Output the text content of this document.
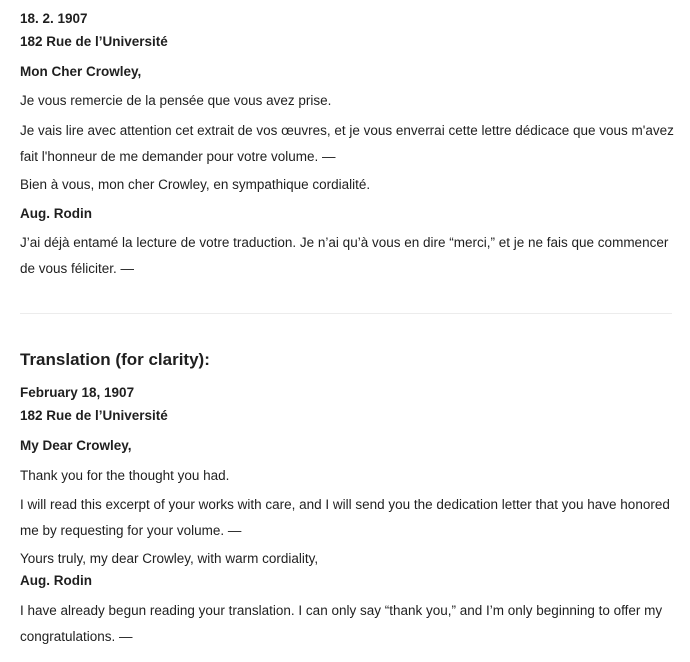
18. 2. 1907
182 Rue de l’Université
Mon Cher Crowley,
Je vous remercie de la pensée que vous avez prise.
Je vais lire avec attention cet extrait de vos œuvres, et je vous enverrai cette lettre dédicace que vous m'avez fait l'honneur de me demander pour votre volume. —
Bien à vous, mon cher Crowley, en sympathique cordialité.
Aug. Rodin
J’ai déjà entamé la lecture de votre traduction. Je n’ai qu’à vous en dire “merci,” et je ne fais que commencer de vous féliciter. —
Translation (for clarity):
February 18, 1907
182 Rue de l’Université
My Dear Crowley,
Thank you for the thought you had.
I will read this excerpt of your works with care, and I will send you the dedication letter that you have honored me by requesting for your volume. —
Yours truly, my dear Crowley, with warm cordiality,
Aug. Rodin
I have already begun reading your translation. I can only say “thank you,” and I’m only beginning to offer my congratulations. —
